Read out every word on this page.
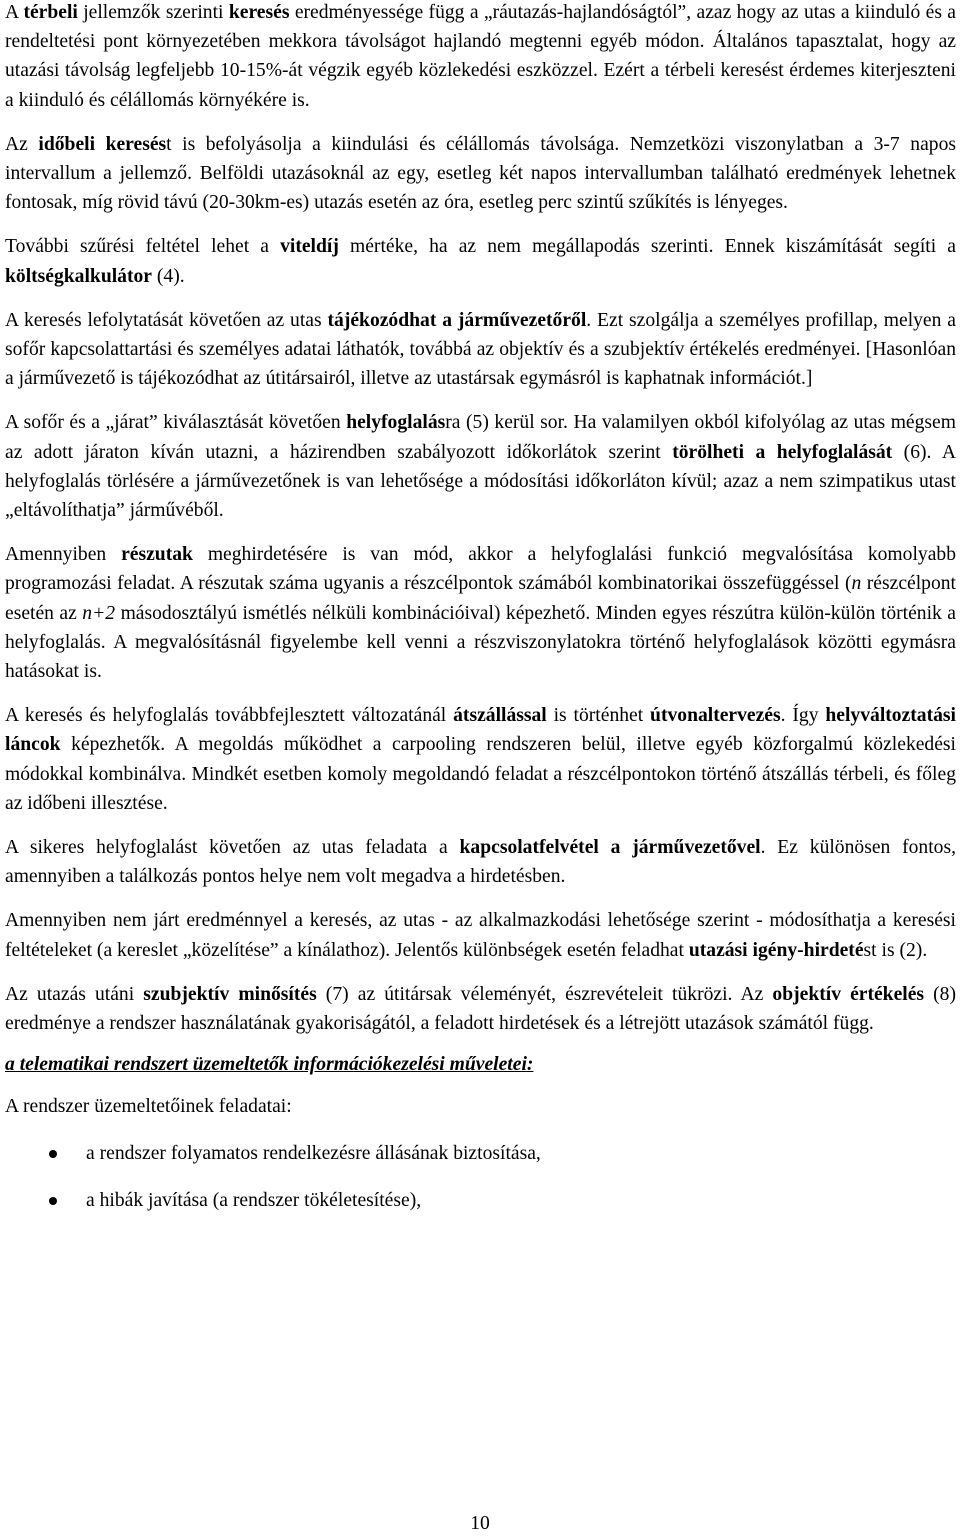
A térbeli jellemzők szerinti keresés eredményessége függ a „ráutazás-hajlandóságtól”, azaz hogy az utas a kiinduló és a rendeltetési pont környezetében mekkora távolságot hajlandó megtenni egyéb módon. Általános tapasztalat, hogy az utazási távolság legfeljebb 10-15%-át végzik egyéb közlekedési eszközzel. Ezért a térbeli keresést érdemes kiterjeszteni a kiinduló és célállomás környékére is.

Az időbeli keresést is befolyásolja a kiindulási és célállomás távolsága. Nemzetközi viszonylatban a 3-7 napos intervallum a jellemző. Belföldi utazásoknál az egy, esetleg két napos intervallumban található eredmények lehetnek fontosak, míg rövid távú (20-30km-es) utazás esetén az óra, esetleg perc szintű szűkítés is lényeges.

További szűrési feltétel lehet a viteldíj mértéke, ha az nem megállapodás szerinti. Ennek kiszámítását segíti a költségkalkulátor (4).

A keresés lefolytatását követően az utas tájékozódhat a járművezetőről. Ezt szolgálja a személyes profillap, melyen a sofőr kapcsolattartási és személyes adatai láthatók, továbbá az objektív és a szubjektív értékelés eredményei. [Hasonlóan a járművezető is tájékozódhat az útitársairól, illetve az utastársak egymásról is kaphatnak információt.]

A sofőr és a „járat” kiválasztását követően helyfoglalásra (5) kerül sor. Ha valamilyen okból kifolyólag az utas mégsem az adott járaton kíván utazni, a házirendben szabályozott időkorlátok szerint törölheti a helyfoglalását (6). A helyfoglalás törlésére a járművezetőnek is van lehetősége a módosítási időkorláton kívül; azaz a nem szimpatikus utast „eltávolíthatja” járművéből.

Amennyiben részutak meghirdetésére is van mód, akkor a helyfoglalási funkció megvalósítása komolyabb programozási feladat. A részutak száma ugyanis a részcélpontok számából kombinatorikai összefüggéssel (n részcélpont esetén az n+2 másodosztályú ismétlés nélküli kombinációival) képezhető. Minden egyes részútra külön-külön történik a helyfoglalás. A megvalósításnál figyelembe kell venni a részviszonylatokra történő helyfoglalások közötti egymásra hatásokat is.

A keresés és helyfoglalás továbbfejlesztett változatánál átszállással is történhet útvonaltervezés. Így helyváltoztatási láncok képezhetők. A megoldás működhet a carpooling rendszeren belül, illetve egyéb közforgalmú közlekedési módokkal kombinálva. Mindkét esetben komoly megoldandó feladat a részcélpontokon történő átszállás térbeli, és főleg az időbeni illesztése.

A sikeres helyfoglalást követően az utas feladata a kapcsolatfelvétel a járművezetővel. Ez különösen fontos, amennyiben a találkozás pontos helye nem volt megadva a hirdetésben.

Amennyiben nem járt eredménnyel a keresés, az utas - az alkalmazkodási lehetősége szerint - módosíthatja a keresési feltételeket (a kereslet „közelítése” a kínálathoz). Jelentős különbségek esetén feladhat utazási igény-hirdetést is (2).

Az utazás utáni szubjektív minősítés (7) az útitársak véleményét, észrevételeit tükrözi. Az objektív értékelés (8) eredménye a rendszer használatának gyakoriságától, a feladott hirdetések és a létrejött utazások számától függ.

a telematikai rendszert üzemeltetők információkezelési műveletei:

A rendszer üzemeltetőinek feladatai:

a rendszer folyamatos rendelkezésre állásának biztosítása,
a hibák javítása (a rendszer tökéletesítése),
10
